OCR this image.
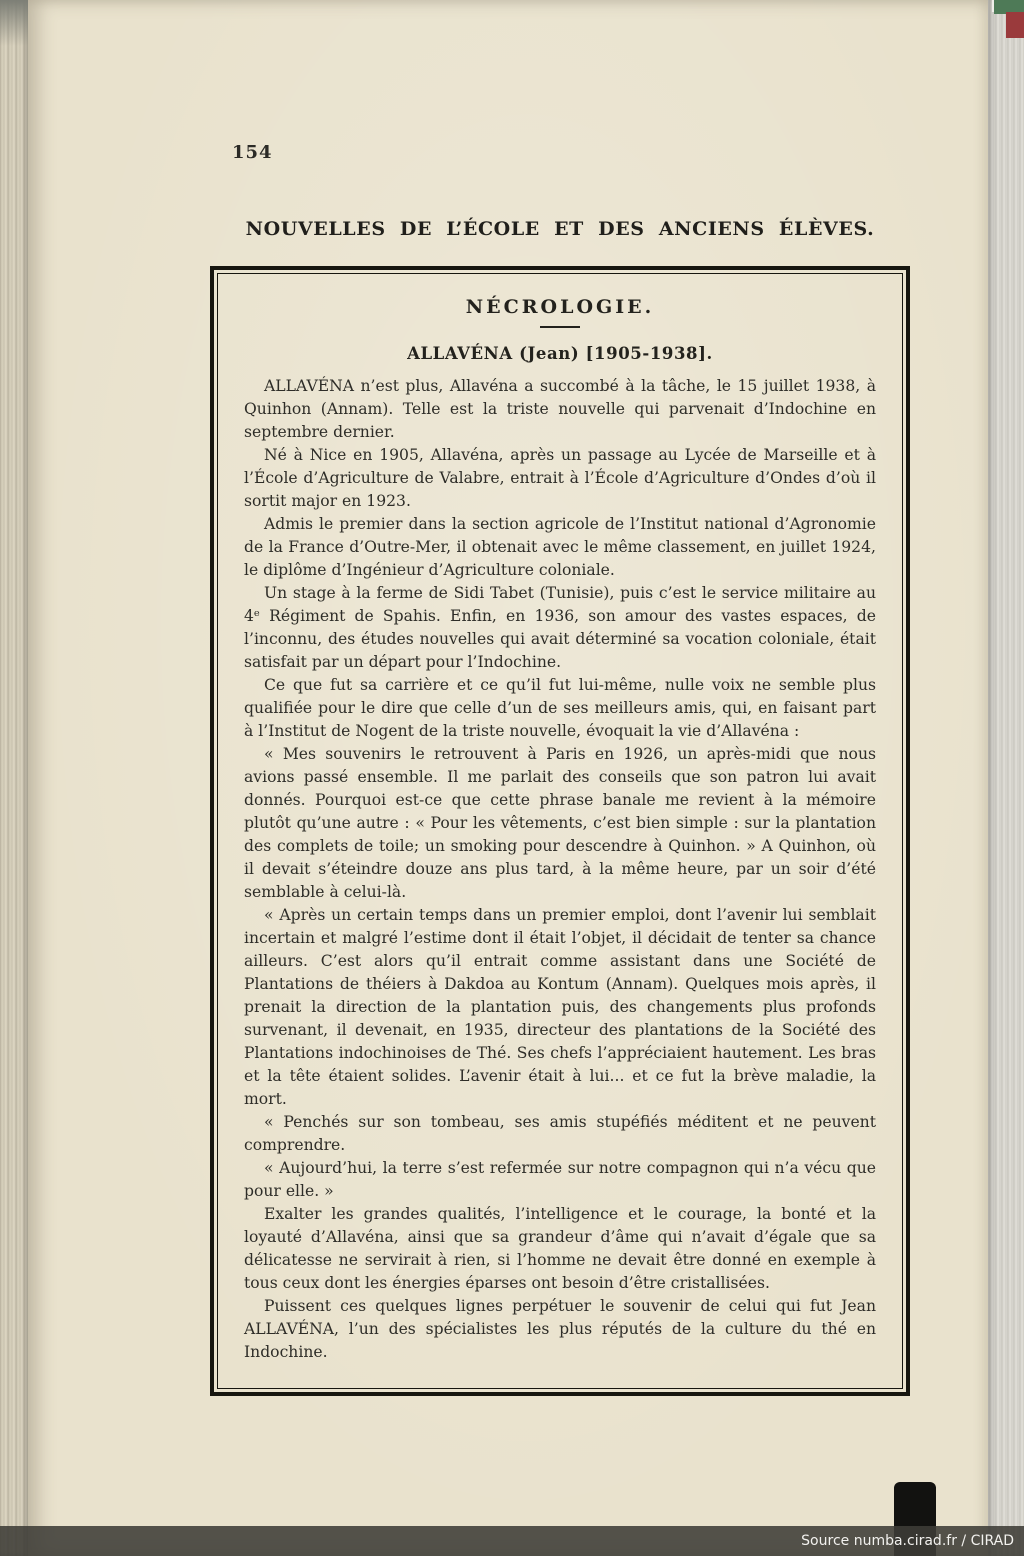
154
NOUVELLES DE L’ÉCOLE ET DES ANCIENS ÉLÈVES.
NÉCROLOGIE.
ALLAVÉNA (Jean) [1905-1938].

ALLAVÉNA n’est plus, Allavéna a succombé à la tâche, le 15 juillet 1938, à Quinhon (Annam). Telle est la triste nouvelle qui parvenait d’Indochine en septembre dernier.

Né à Nice en 1905, Allavéna, après un passage au Lycée de Marseille et à l’École d’Agriculture de Valabre, entrait à l’École d’Agriculture d’Ondes d’où il sortit major en 1923.

Admis le premier dans la section agricole de l’Institut national d’Agronomie de la France d’Outre-Mer, il obtenait avec le même classement, en juillet 1924, le diplôme d’Ingénieur d’Agriculture coloniale.

Un stage à la ferme de Sidi Tabet (Tunisie), puis c’est le service militaire au 4ᵉ Régiment de Spahis. Enfin, en 1936, son amour des vastes espaces, de l’inconnu, des études nouvelles qui avait déterminé sa vocation coloniale, était satisfait par un départ pour l’Indochine.

Ce que fut sa carrière et ce qu’il fut lui-même, nulle voix ne semble plus qualifiée pour le dire que celle d’un de ses meilleurs amis, qui, en faisant part à l’Institut de Nogent de la triste nouvelle, évoquait la vie d’Allavéna :

« Mes souvenirs le retrouvent à Paris en 1926, un après-midi que nous avions passé ensemble. Il me parlait des conseils que son patron lui avait donnés. Pourquoi est-ce que cette phrase banale me revient à la mémoire plutôt qu’une autre : « Pour les vêtements, c’est bien simple : sur la plantation des complets de toile; un smoking pour descendre à Quinhon. » A Quinhon, où il devait s’éteindre douze ans plus tard, à la même heure, par un soir d’été semblable à celui-là.

« Après un certain temps dans un premier emploi, dont l’avenir lui semblait incertain et malgré l’estime dont il était l’objet, il décidait de tenter sa chance ailleurs. C’est alors qu’il entrait comme assistant dans une Société de Plantations de théiers à Dakdoa au Kontum (Annam). Quelques mois après, il prenait la direction de la plantation puis, des changements plus profonds survenant, il devenait, en 1935, directeur des plantations de la Société des Plantations indochinoises de Thé. Ses chefs l’appréciaient hautement. Les bras et la tête étaient solides. L’avenir était à lui... et ce fut la brève maladie, la mort.

« Penchés sur son tombeau, ses amis stupéfiés méditent et ne peuvent comprendre.

« Aujourd’hui, la terre s’est refermée sur notre compagnon qui n’a vécu que pour elle. »

Exalter les grandes qualités, l’intelligence et le courage, la bonté et la loyauté d’Allavéna, ainsi que sa grandeur d’âme qui n’avait d’égale que sa délicatesse ne servirait à rien, si l’homme ne devait être donné en exemple à tous ceux dont les énergies éparses ont besoin d’être cristallisées.

Puissent ces quelques lignes perpétuer le souvenir de celui qui fut Jean ALLAVÉNA, l’un des spécialistes les plus réputés de la culture du thé en Indochine.

Source numba.cirad.fr / CIRAD
